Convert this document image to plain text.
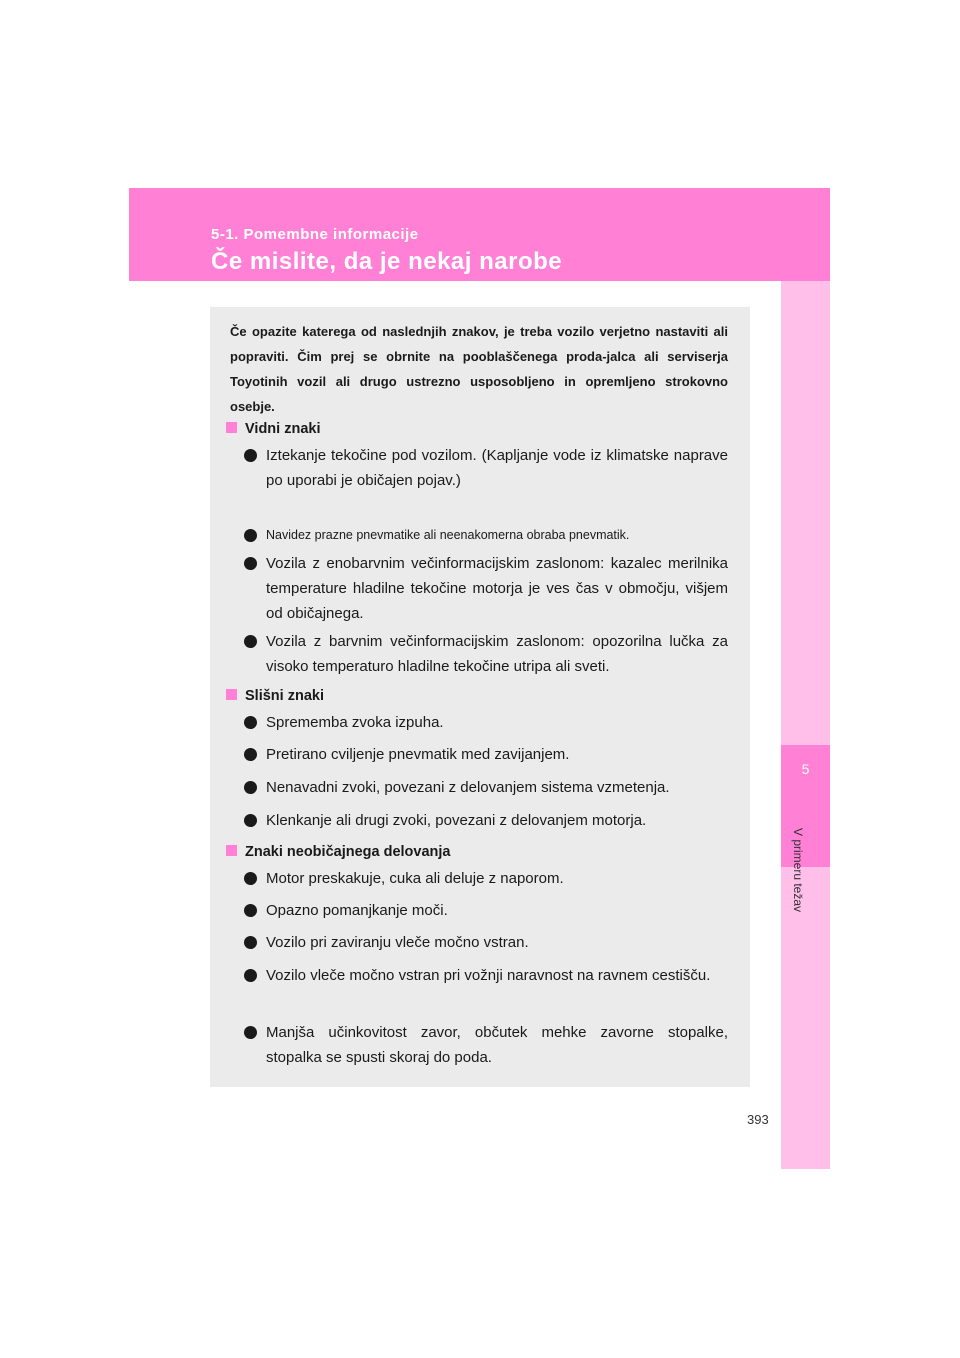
5-1. Pomembne informacije
Če mislite, da je nekaj narobe
5
V primeru težav
Če opazite katerega od naslednjih znakov, je treba vozilo verjetno nastaviti ali popraviti. Čim prej se obrnite na pooblaščenega proda-jalca ali serviserja Toyotinih vozil ali drugo ustrezno usposobljeno in opremljeno strokovno osebje.
Vidni znaki
Iztekanje tekočine pod vozilom. (Kapljanje vode iz klimatske naprave po uporabi je običajen pojav.)
Navidez prazne pnevmatike ali neenakomerna obraba pnevmatik.
Vozila z enobarvnim večinformacijskim zaslonom: kazalec merilnika temperature hladilne tekočine motorja je ves čas v območju, višjem od običajnega.
Vozila z barvnim večinformacijskim zaslonom: opozorilna lučka za visoko temperaturo hladilne tekočine utripa ali sveti.
Slišni znaki
Sprememba zvoka izpuha.
Pretirano cviljenje pnevmatik med zavijanjem.
Nenavadni zvoki, povezani z delovanjem sistema vzmetenja.
Klenkanje ali drugi zvoki, povezani z delovanjem motorja.
Znaki neobičajnega delovanja
Motor preskakuje, cuka ali deluje z naporom.
Opazno pomanjkanje moči.
Vozilo pri zaviranju vleče močno vstran.
Vozilo vleče močno vstran pri vožnji naravnost na ravnem cestišču.
Manjša učinkovitost zavor, občutek mehke zavorne stopalke, stopalka se spusti skoraj do poda.
393
